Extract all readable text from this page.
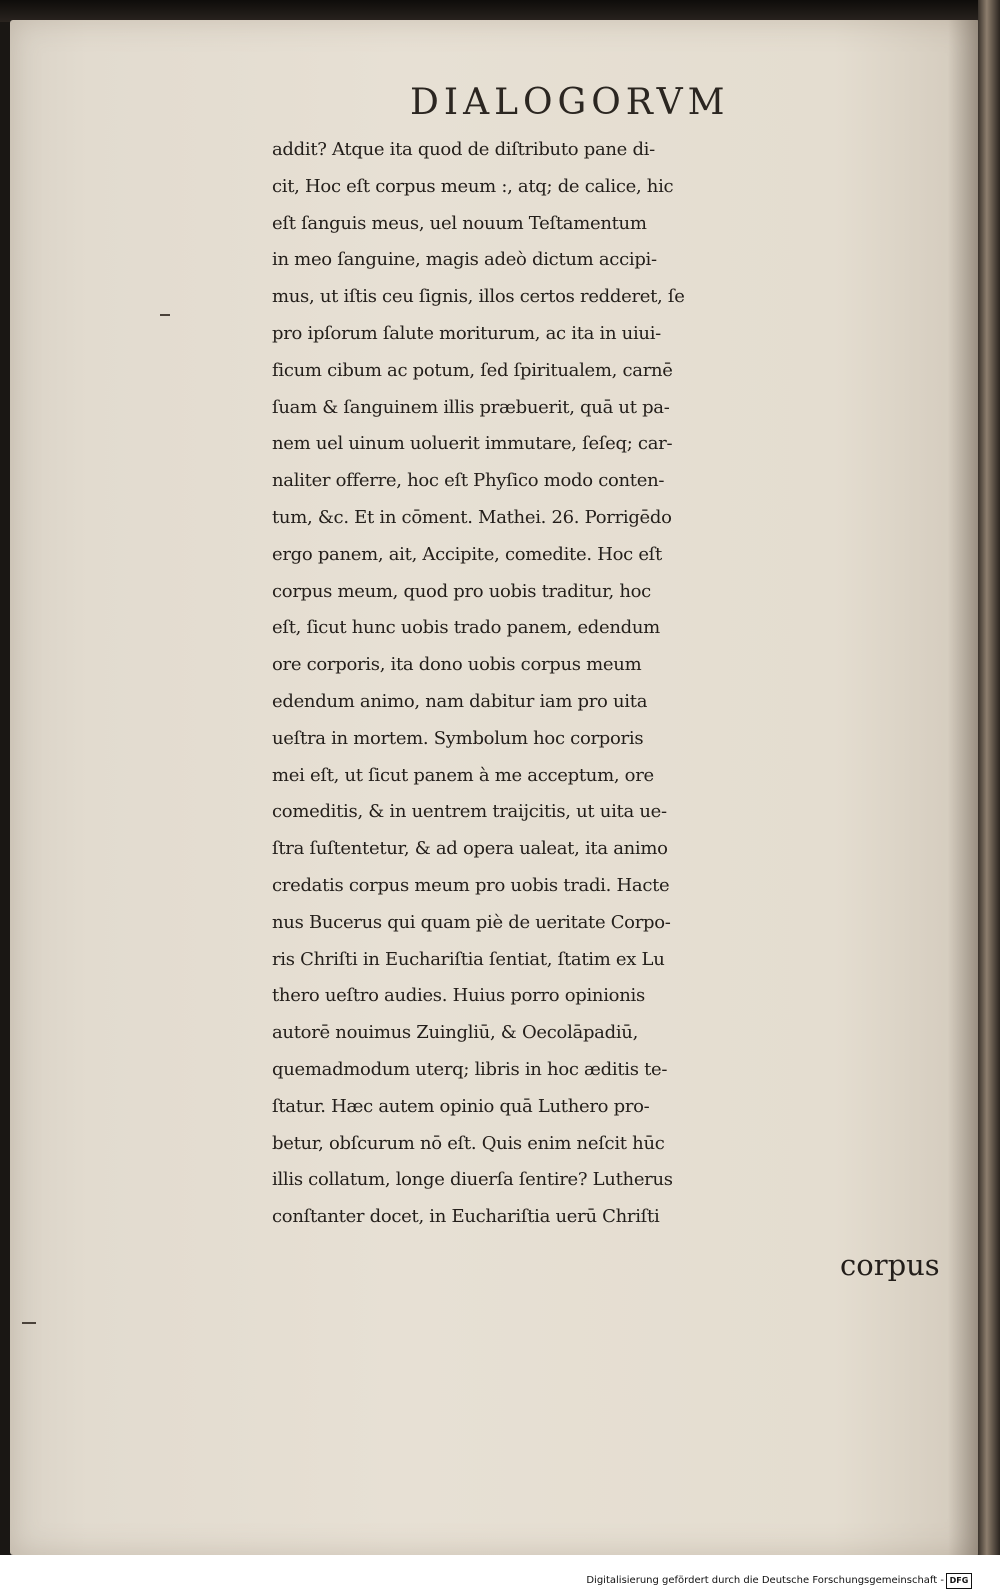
DIALOGORVM
addit? Atque ita quod de diſtributo pane di-
cit, Hoc eſt corpus meum :, atq; de calice, hic
eſt ſanguis meus, uel nouum Teſtamentum
in meo ſanguine, magis adeò dictum accipi-
mus, ut iſtis ceu ſignis, illos certos redderet, ſe
pro ipſorum ſalute moriturum, ac ita in uiui-
ficum cibum ac potum, ſed ſpiritualem, carnē
ſuam & ſanguinem illis præbuerit, quā ut pa-
nem uel uinum uoluerit immutare, ſeſeq; car-
naliter offerre, hoc eſt Phyſico modo conten-
tum, &c. Et in cōment. Mathei. 26. Porrigēdo
ergo panem, ait, Accipite, comedite. Hoc eſt
corpus meum, quod pro uobis traditur, hoc
eſt, ſicut hunc uobis trado panem, edendum
ore corporis, ita dono uobis corpus meum
edendum animo, nam dabitur iam pro uita
ueſtra in mortem. Symbolum hoc corporis
mei eſt, ut ſicut panem à me acceptum, ore
comeditis, & in uentrem traijcitis, ut uita ue-
ſtra ſuſtentetur, & ad opera ualeat, ita animo
credatis corpus meum pro uobis tradi. Hacte
nus Bucerus qui quam piè de ueritate Corpo-
ris Chriſti in Euchariſtia ſentiat, ſtatim ex Lu
thero ueſtro audies. Huius porro opinionis
autorē nouimus Zuingliū, & Oecolāpadiū,
quemadmodum uterq; libris in hoc æditis te-
ſtatur. Hæc autem opinio quā Luthero pro-
betur, obſcurum nō eſt. Quis enim neſcit hūc
illis collatum, longe diuerſa ſentire? Lutherus
conſtanter docet, in Euchariſtia uerū Chriſti
corpus
Digitalisierung gefördert durch die Deutsche Forschungsgemeinschaft - DFG
